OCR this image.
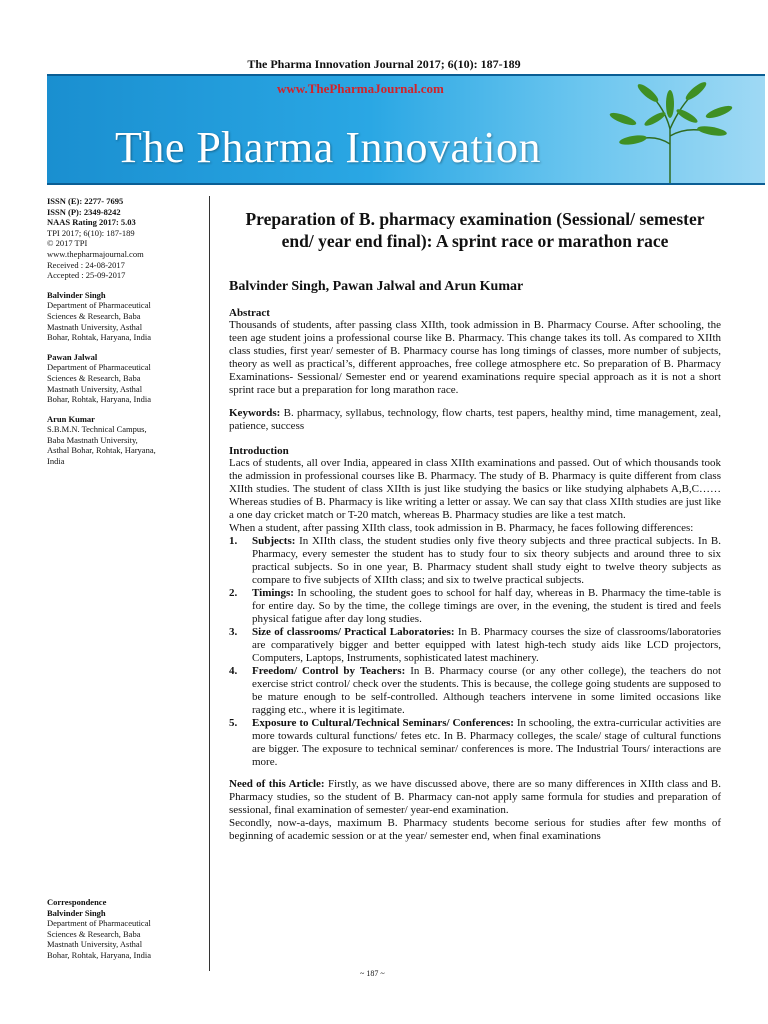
The Pharma Innovation Journal 2017; 6(10): 187-189
www.ThePharmaJournal.com
The Pharma Innovation
ISSN (E): 2277- 7695
ISSN (P): 2349-8242
NAAS Rating 2017: 5.03
TPI 2017; 6(10): 187-189
© 2017 TPI
www.thepharmajournal.com
Received : 24-08-2017
Accepted : 25-09-2017
Balvinder Singh
Department of Pharmaceutical
Sciences & Research, Baba
Mastnath University, Asthal
Bohar, Rohtak, Haryana, India
Pawan Jalwal
Department of Pharmaceutical
Sciences & Research, Baba
Mastnath University, Asthal
Bohar, Rohtak, Haryana, India
Arun Kumar
S.B.M.N. Technical Campus,
Baba Mastnath University,
Asthal Bohar, Rohtak, Haryana,
India
Correspondence
Balvinder Singh
Department of Pharmaceutical
Sciences & Research, Baba
Mastnath University, Asthal
Bohar, Rohtak, Haryana, India
Preparation of B. pharmacy examination (Sessional/ semester end/ year end final): A sprint race or marathon race
Balvinder Singh, Pawan Jalwal and Arun Kumar
Abstract

Thousands of students, after passing class XIIth, took admission in B. Pharmacy Course. After schooling, the teen age student joins a professional course like B. Pharmacy. This change takes its toll. As compared to XIIth class studies, first year/ semester of B. Pharmacy course has long timings of classes, more number of subjects, theory as well as practical’s, different approaches, free college atmosphere etc. So preparation of B. Pharmacy Examinations- Sessional/ Semester end or yearend examinations require special approach as it is not a short sprint race but a preparation for long marathon race.

Keywords: B. pharmacy, syllabus, technology, flow charts, test papers, healthy mind, time management, zeal, patience, success

Introduction

Lacs of students, all over India, appeared in class XIIth examinations and passed. Out of which thousands took the admission in professional courses like B. Pharmacy. The study of B. Pharmacy is quite different from class XIIth studies. The student of class XIIth is just like studying the basics or like studying alphabets A,B,C……Whereas studies of B. Pharmacy is like writing a letter or assay. We can say that class XIIth studies are just like a one day cricket match or T-20 match, whereas B. Pharmacy studies are like a test match.

When a student, after passing XIIth class, took admission in B. Pharmacy, he faces following differences:

1. Subjects: In XIIth class, the student studies only five theory subjects and three practical subjects. In B. Pharmacy, every semester the student has to study four to six theory subjects and around three to six practical subjects. So in one year, B. Pharmacy student shall study eight to twelve theory subjects as compare to five subjects of XIIth class; and six to twelve practical subjects.
2. Timings: In schooling, the student goes to school for half day, whereas in B. Pharmacy the time-table is for entire day. So by the time, the college timings are over, in the evening, the student is tired and feels physical fatigue after day long studies.
3. Size of classrooms/ Practical Laboratories: In B. Pharmacy courses the size of classrooms/laboratories are comparatively bigger and better equipped with latest high-tech study aids like LCD projectors, Computers, Laptops, Instruments, sophisticated latest machinery.
4. Freedom/ Control by Teachers: In B. Pharmacy course (or any other college), the teachers do not exercise strict control/ check over the students. This is because, the college going students are supposed to be mature enough to be self-controlled. Although teachers intervene in some limited occasions like ragging etc., where it is legitimate.
5. Exposure to Cultural/Technical Seminars/ Conferences: In schooling, the extra-curricular activities are more towards cultural functions/ fetes etc. In B. Pharmacy colleges, the scale/ stage of cultural functions are bigger. The exposure to technical seminar/ conferences is more. The Industrial Tours/ interactions are more.

Need of this Article: Firstly, as we have discussed above, there are so many differences in XIIth class and B. Pharmacy studies, so the student of B. Pharmacy can-not apply same formula for studies and preparation of sessional, final examination of semester/ year-end examination.

Secondly, now-a-days, maximum B. Pharmacy students become serious for studies after few months of beginning of academic session or at the year/ semester end, when final examinations

~ 187 ~
